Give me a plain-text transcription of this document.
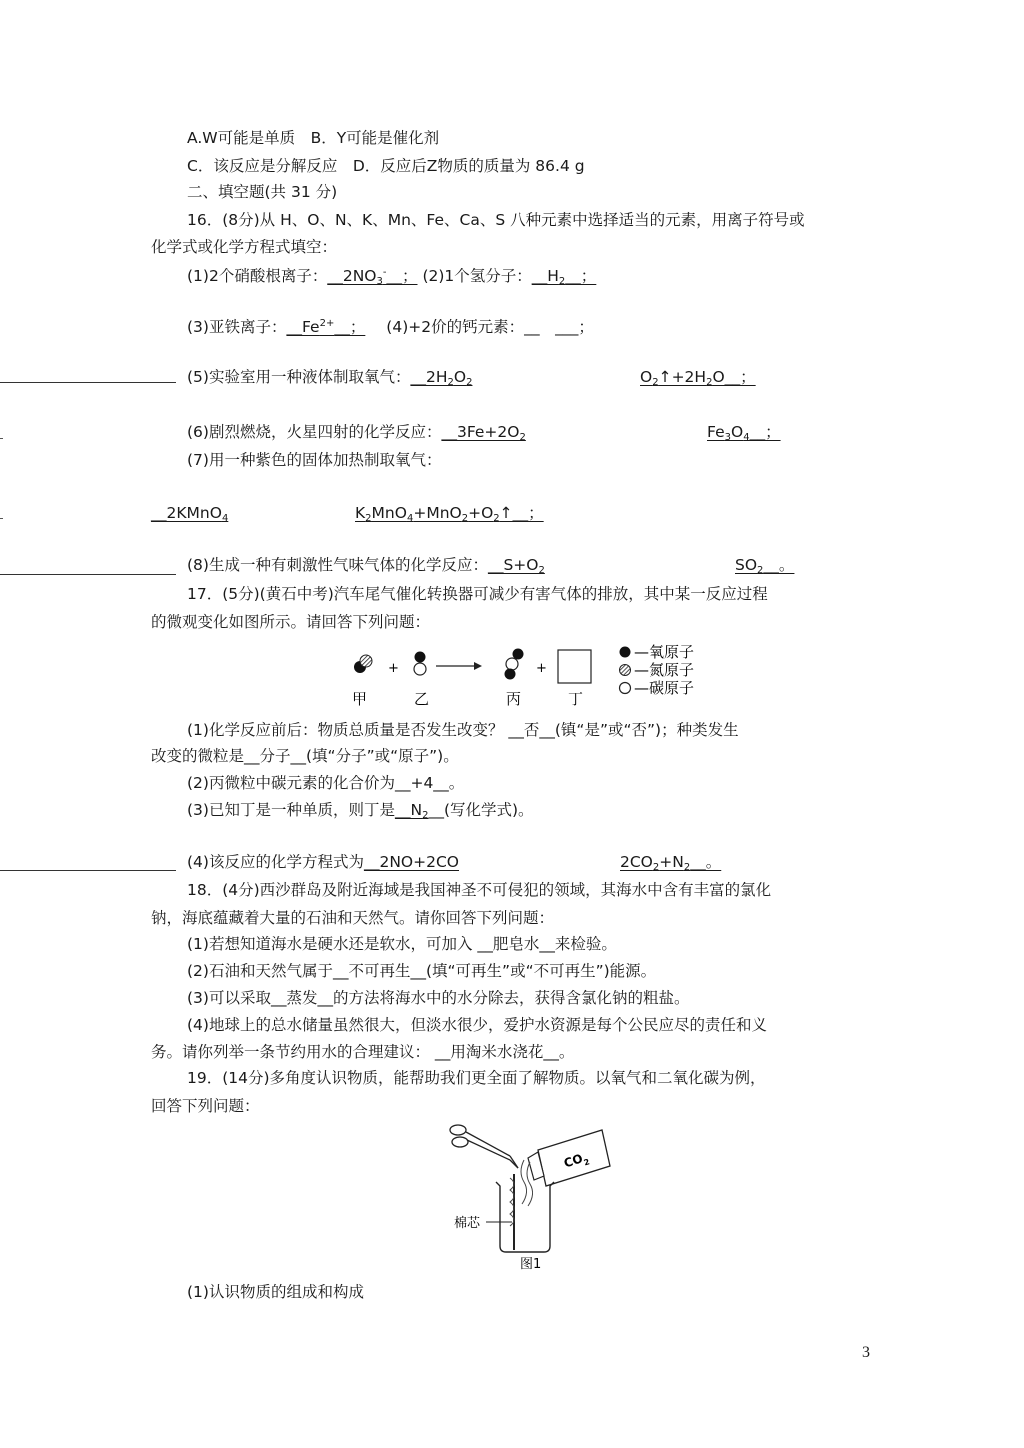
A.W可能是单质　B．Y可能是催化剂
C．该反应是分解反应　D．反应后Z物质的质量为 86.4 g
二、填空题(共 31 分)
16．(8分)从 H、O、N、K、Mn、Fe、Ca、S 八种元素中选择适当的元素，用离子符号或
化学式或化学方程式填空：
(1)2个硝酸根离子：$\_\_2NO_3^-\_\_$； (2)1个氢分子：$\_\_H_2\_\_$；
(3)亚铁离子：$\_\_Fe^{2+}\_\_$； (4)+2价的钙元素：__　___；
(5)实验室用一种液体制取氧气：$\_\_2H_2O_2$	$O_2↑+2H_2O\_\_$；
(6)剧烈燃烧，火星四射的化学反应：$\_\_3Fe+2O_2$	$Fe_3O_4\_\_$；
(7)用一种紫色的固体加热制取氧气：
__2KMnO$_4$	$K_2MnO_4+MnO_2+O_2↑\_\_$；
(8)生成一种有刺激性气味气体的化学反应：$\_\_S+O_2$	$SO_2\_\_$。
17．(5分)(黄石中考)汽车尾气催化转换器可减少有害气体的排放，其中某一反应过程
的微观变化如图所示。请回答下列问题：
+	+
甲	乙	丙	丁
—氧原子
—氮原子
—碳原子
(1)化学反应前后：物质总质量是否发生改变？ __否__(镇“是”或“否”)；种类发生
改变的微粒是__分子__(填“分子”或“原子”)。
(2)丙微粒中碳元素的化合价为__+4__。
(3)已知丁是一种单质，则丁是$\_\_N_2\_\_$(写化学式)。
(4)该反应的化学方程式为__2NO+2CO	$2CO_2+N_2\_\_$。
18．(4分)西沙群岛及附近海域是我国神圣不可侵犯的领域，其海水中含有丰富的氯化
钠，海底蕴藏着大量的石油和天然气。请你回答下列问题：
(1)若想知道海水是硬水还是软水，可加入 __肥皂水__来检验。
(2)石油和天然气属于__不可再生__(填“可再生”或“不可再生”)能源。
(3)可以采取__蒸发__的方法将海水中的水分除去，获得含氯化钠的粗盐。
(4)地球上的总水储量虽然很大，但淡水很少，爱护水资源是每个公民应尽的责任和义
务。请你列举一条节约用水的合理建议： __用淘米水浇花__。
19．(14分)多角度认识物质，能帮助我们更全面了解物质。以氧气和二氧化碳为例，
回答下列问题：
$CO_2$
棉芯
图1
(1)认识物质的组成和构成
3
